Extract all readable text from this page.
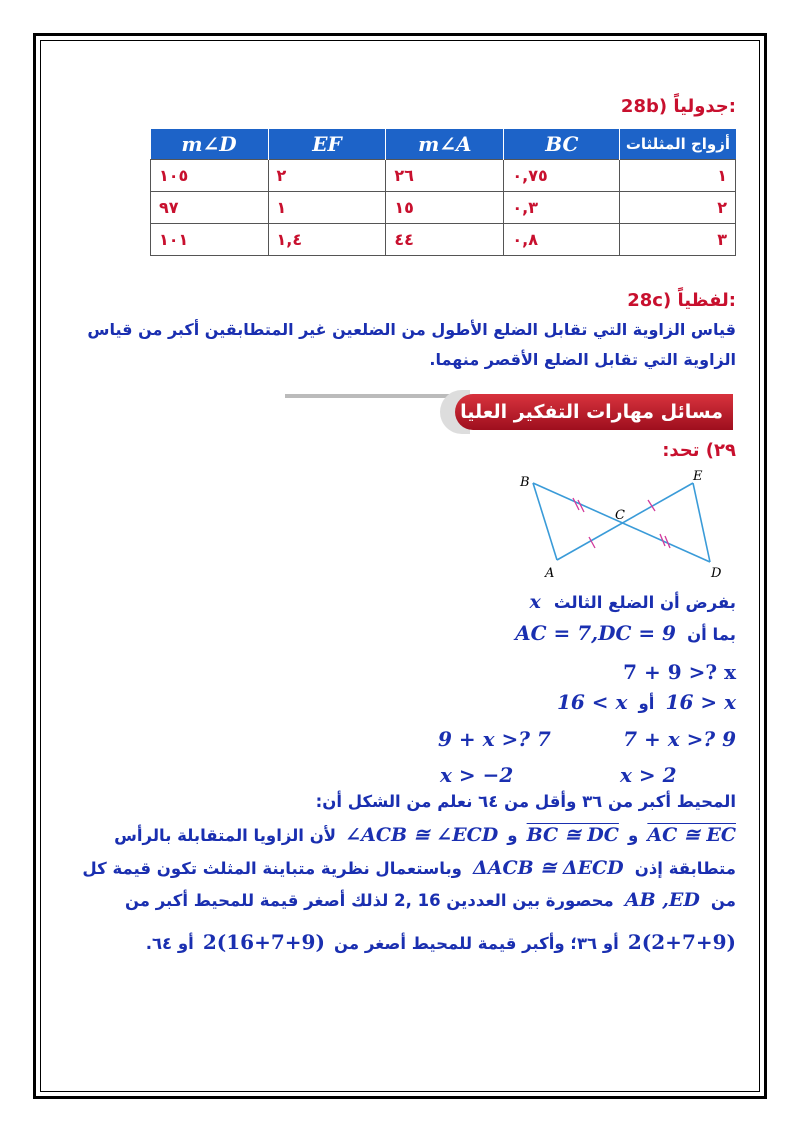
28b) جدولياً:
m∠D	EF	m∠A	BC	أزواج المثلثات
١٠٥	٢	٢٦	٠,٧٥	١
٩٧	١	١٥	٠,٣	٢
١٠١	١,٤	٤٤	٠,٨	٣
28c) لفظياً:
قياس الزاوية التي تقابل الضلع الأطول من الضلعين غير المتطابقين أكبر من قياس
الزاوية التي تقابل الضلع الأقصر منهما.
مسائل مهارات التفكير العليا
٢٩) تحد:
B	E
C
A	D
x بفرض أن الضلع الثالث
AC = 7,DC = 9 بما أن
7 + 9 >? x
16 < x أو 16 > x
7 + x >? 9
9 + x >? 7
x > 2
x > −2
المحيط أكبر من ٣٦ وأقل من ٦٤ نعلم من الشكل أن:
AC ≅ EC و BC ≅ DC و ∠ACB ≅ ∠ECD لأن الزاويا المتقابلة بالرأس
متطابقة إذن ΔACB ≅ ΔECD وباستعمال نظرية متباينة المثلث تكون قيمة كل
من AB ,ED محصورة بين العددين 16 ,2 لذلك أصغر قيمة للمحيط أكبر من
2(2+7+9) أو ٣٦؛ وأكبر قيمة للمحيط أصغر من 2(16+7+9) أو ٦٤.
